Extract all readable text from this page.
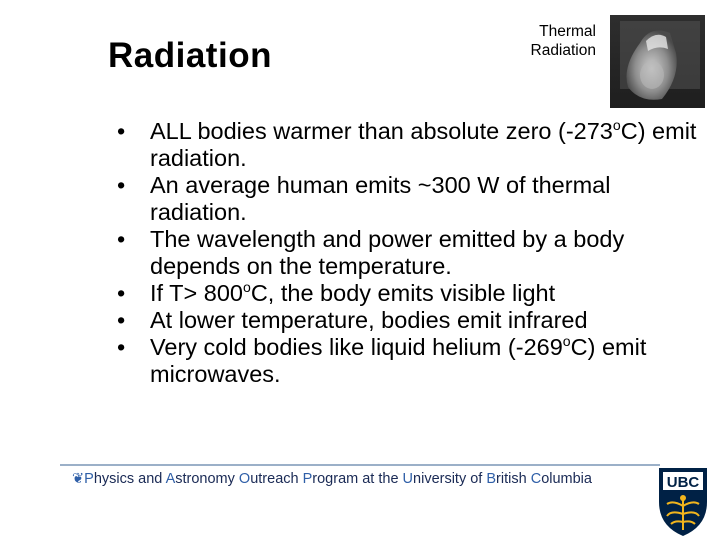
Radiation
Thermal
Radiation
• ALL bodies warmer than absolute zero (-273$^o$C) emit radiation.
• An average human emits ~300 W of thermal radiation.
• The wavelength and power emitted by a body depends on the temperature.
• If $T> 800^oC$, the body emits visible light
• At lower temperature, bodies emit infrared
• Very cold bodies like liquid helium (-269$^o$C) emit microwaves.
❦Physics and Astronomy Outreach Program at the University of British Columbia	UBC
